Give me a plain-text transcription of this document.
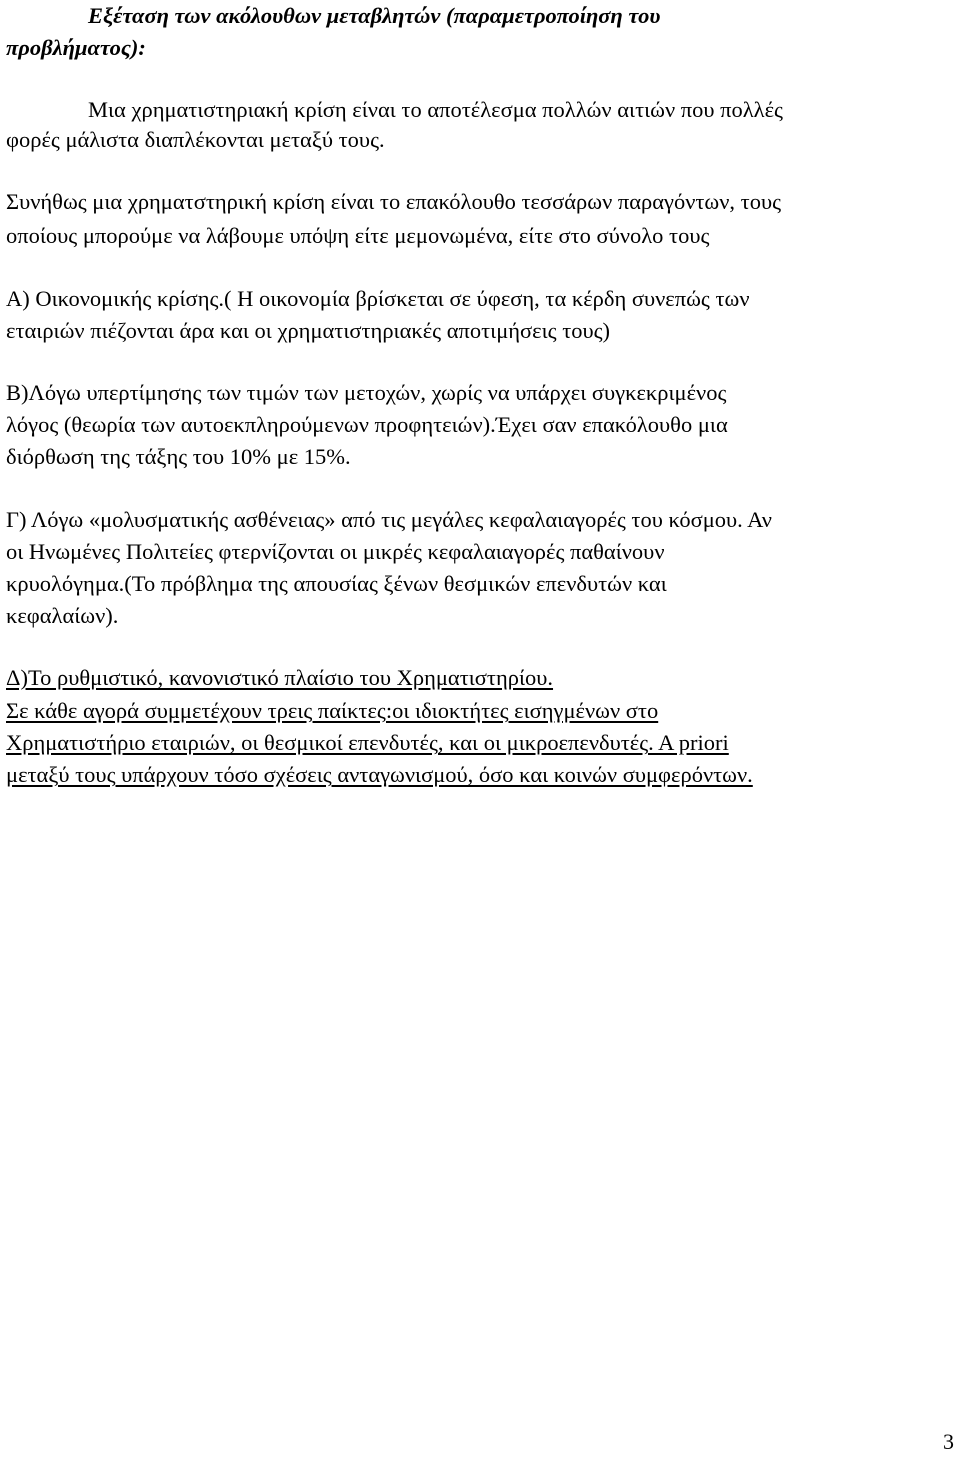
Εξέταση των ακόλουθων μεταβλητών (παραμετροποίηση του
προβλήματος):
Μια χρηματιστηριακή κρίση είναι το αποτέλεσμα πολλών αιτιών που πολλές
φορές μάλιστα διαπλέκονται μεταξύ τους.
Συνήθως μια χρηματστηρική κρίση είναι το επακόλουθο τεσσάρων παραγόντων, τους
οποίους μπορούμε να λάβουμε υπόψη είτε μεμονωμένα, είτε στο σύνολο τους
Α) Οικονομικής κρίσης.( Η οικονομία βρίσκεται σε ύφεση, τα κέρδη συνεπώς των
εταιριών πιέζονται άρα και οι χρηματιστηριακές αποτιμήσεις τους)
Β)Λόγω υπερτίμησης των τιμών των μετοχών, χωρίς να υπάρχει συγκεκριμένος
λόγος (θεωρία των αυτοεκπληρούμενων προφητειών).Έχει σαν επακόλουθο μια
διόρθωση της τάξης του 10% με 15%.
Γ) Λόγω «μολυσματικής ασθένειας» από τις μεγάλες κεφαλαιαγορές του κόσμου. Αν
οι Ηνωμένες Πολιτείες φτερνίζονται οι μικρές κεφαλαιαγορές παθαίνουν
κρυολόγημα.(Το πρόβλημα της απουσίας ξένων θεσμικών επενδυτών και
κεφαλαίων).
Δ)Το ρυθμιστικό, κανονιστικό πλαίσιο του Χρηματιστηρίου.
Σε κάθε αγορά συμμετέχουν τρεις παίκτες:οι ιδιοκτήτες εισηγμένων στο
Χρηματιστήριο εταιριών, οι θεσμικοί επενδυτές, και οι μικροεπενδυτές. Α priori
μεταξύ τους υπάρχουν τόσο σχέσεις ανταγωνισμού, όσο και κοινών συμφερόντων.
3
